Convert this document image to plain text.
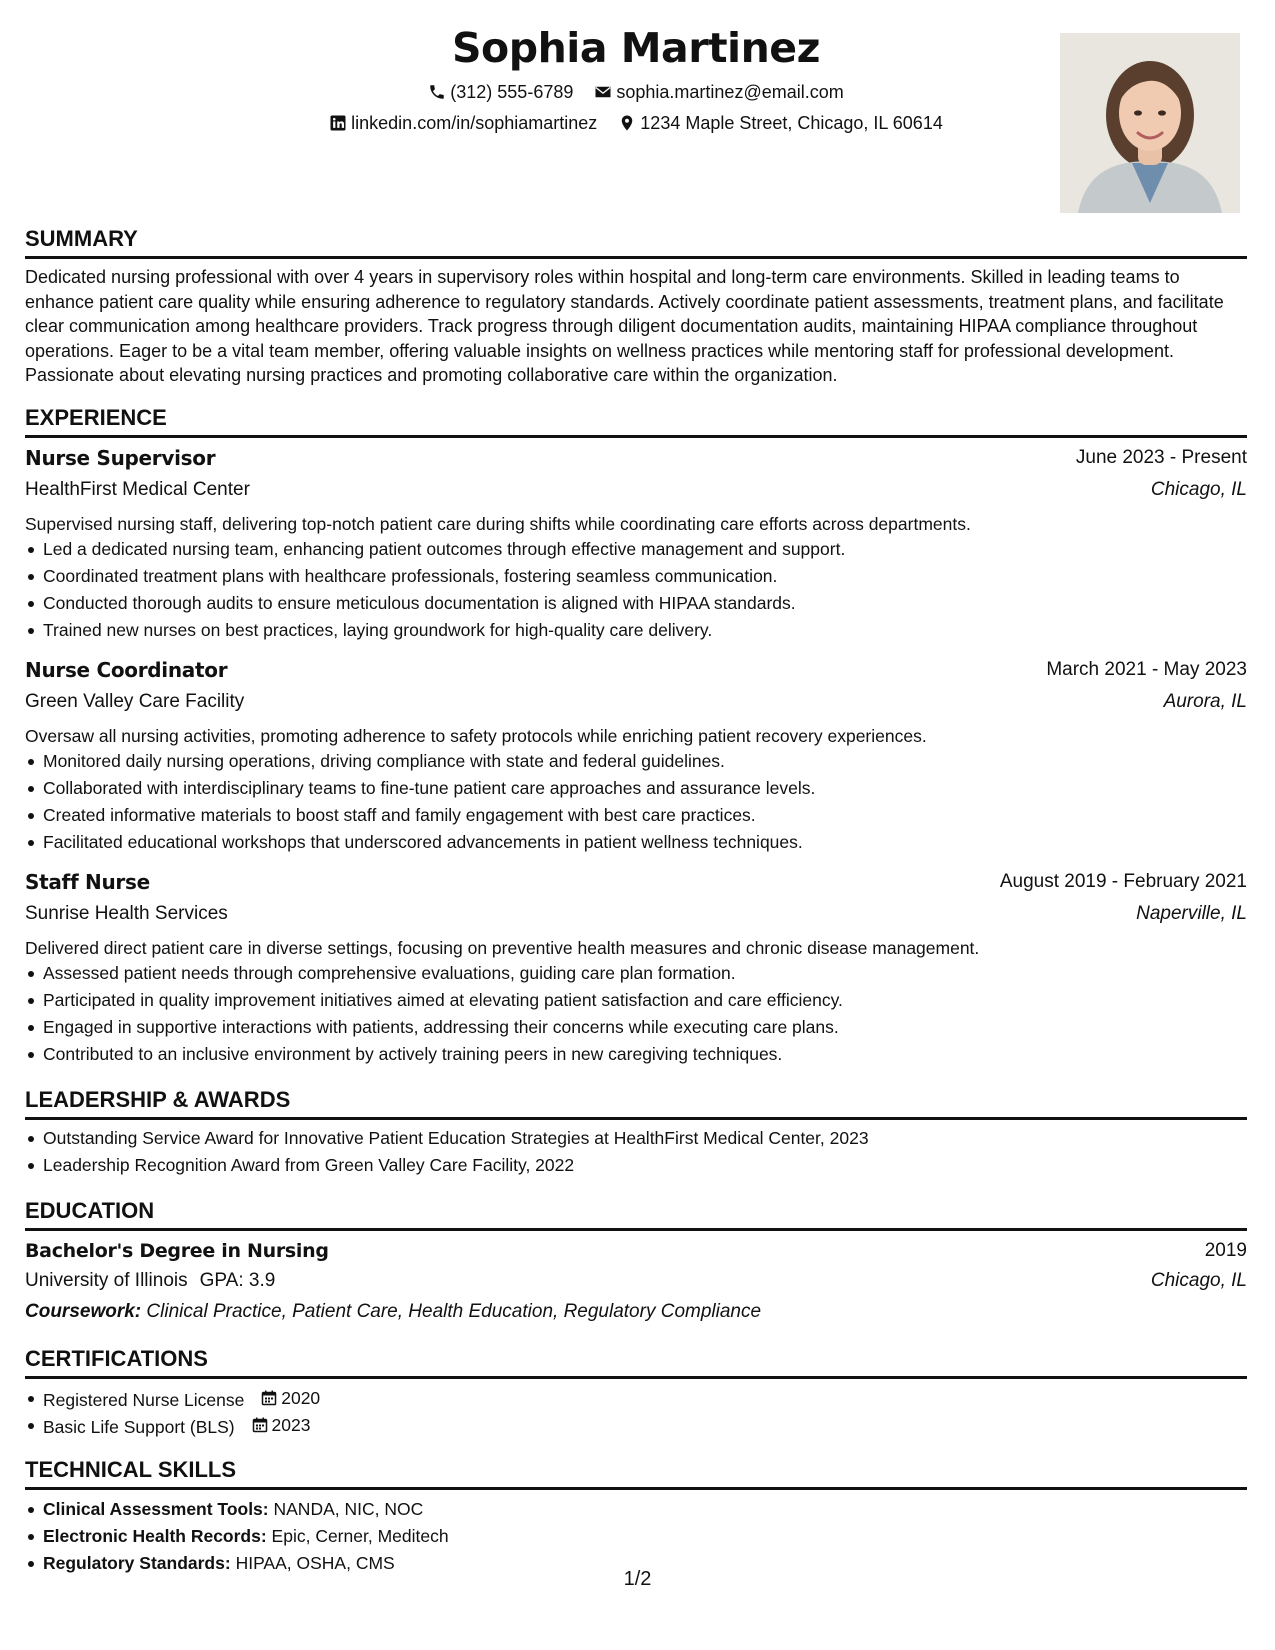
Sophia Martinez
(312) 555-6789
sophia.martinez@email.com
linkedin.com/in/sophiamartinez
1234 Maple Street, Chicago, IL 60614
SUMMARY

Dedicated nursing professional with over 4 years in supervisory roles within hospital and long-term care environments. Skilled in leading teams to enhance patient care quality while ensuring adherence to regulatory standards. Actively coordinate patient assessments, treatment plans, and facilitate clear communication among healthcare providers. Track progress through diligent documentation audits, maintaining HIPAA compliance throughout operations. Eager to be a vital team member, offering valuable insights on wellness practices while mentoring staff for professional development. Passionate about elevating nursing practices and promoting collaborative care within the organization.

EXPERIENCE
Nurse Supervisor	June 2023 - Present
HealthFirst Medical Center	Chicago, IL
Supervised nursing staff, delivering top-notch patient care during shifts while coordinating care efforts across departments.
Led a dedicated nursing team, enhancing patient outcomes through effective management and support.
Coordinated treatment plans with healthcare professionals, fostering seamless communication.
Conducted thorough audits to ensure meticulous documentation is aligned with HIPAA standards.
Trained new nurses on best practices, laying groundwork for high-quality care delivery.
Nurse Coordinator	March 2021 - May 2023
Green Valley Care Facility	Aurora, IL
Oversaw all nursing activities, promoting adherence to safety protocols while enriching patient recovery experiences.
Monitored daily nursing operations, driving compliance with state and federal guidelines.
Collaborated with interdisciplinary teams to fine-tune patient care approaches and assurance levels.
Created informative materials to boost staff and family engagement with best care practices.
Facilitated educational workshops that underscored advancements in patient wellness techniques.
Staff Nurse	August 2019 - February 2021
Sunrise Health Services	Naperville, IL
Delivered direct patient care in diverse settings, focusing on preventive health measures and chronic disease management.
Assessed patient needs through comprehensive evaluations, guiding care plan formation.
Participated in quality improvement initiatives aimed at elevating patient satisfaction and care efficiency.
Engaged in supportive interactions with patients, addressing their concerns while executing care plans.
Contributed to an inclusive environment by actively training peers in new caregiving techniques.
LEADERSHIP & AWARDS
Outstanding Service Award for Innovative Patient Education Strategies at HealthFirst Medical Center, 2023
Leadership Recognition Award from Green Valley Care Facility, 2022
EDUCATION
Bachelor's Degree in Nursing	2019
University of Illinois GPA: 3.9	Chicago, IL
Coursework: Clinical Practice, Patient Care, Health Education, Regulatory Compliance
CERTIFICATIONS
Registered Nurse License 2020
Basic Life Support (BLS) 2023
TECHNICAL SKILLS
Clinical Assessment Tools: NANDA, NIC, NOC
Electronic Health Records: Epic, Cerner, Meditech
Regulatory Standards: HIPAA, OSHA, CMS
1/2
